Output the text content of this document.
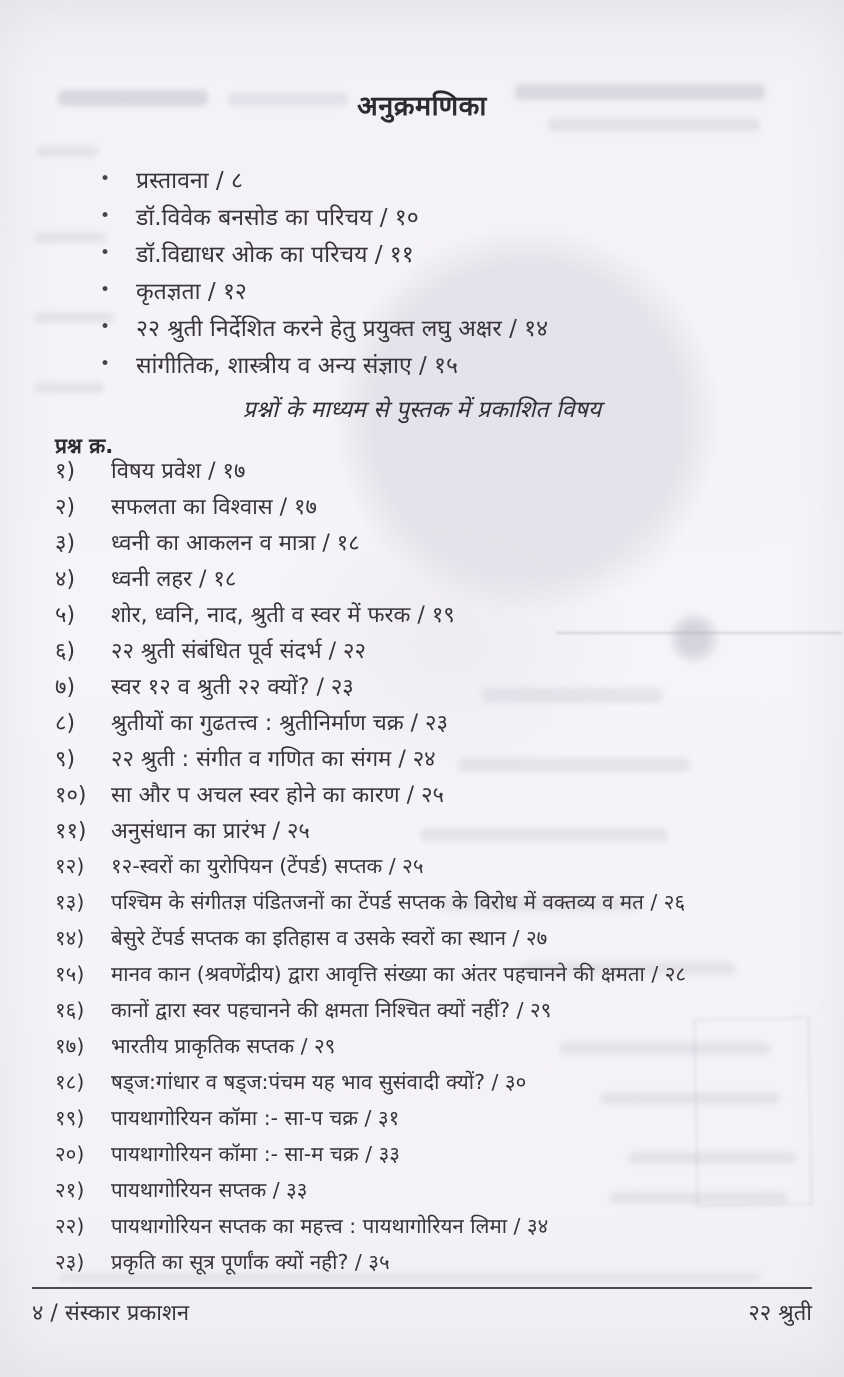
अनुक्रमणिका
•	प्रस्तावना / ८
•	डॉ.विवेक बनसोड का परिचय / १०
•	डॉ.विद्याधर ओक का परिचय / ११
•	कृतज्ञता / १२
•	२२ श्रुती निर्देशित करने हेतु प्रयुक्त लघु अक्षर / १४
•	सांगीतिक, शास्त्रीय व अन्य संज्ञाए / १५
प्रश्नों के माध्यम से पुस्तक में प्रकाशित विषय
प्रश्न क्र.
१)	विषय प्रवेश / १७
२)	सफलता का विश्वास / १७
३)	ध्वनी का आकलन व मात्रा / १८
४)	ध्वनी लहर / १८
५)	शोर, ध्वनि, नाद, श्रुती व स्वर में फरक / १९
६)	२२ श्रुती संबंधित पूर्व संदर्भ / २२
७)	स्वर १२ व श्रुती २२ क्यों? / २३
८)	श्रुतीयों का गुढतत्त्व : श्रुतीनिर्माण चक्र / २३
९)	२२ श्रुती : संगीत व गणित का संगम / २४
१०)	सा और प अचल स्वर होने का कारण / २५
११)	अनुसंधान का प्रारंभ / २५
१२)	१२-स्वरों का युरोपियन (टेंपर्ड) सप्तक / २५
१३)	पश्चिम के संगीतज्ञ पंडितजनों का टेंपर्ड सप्तक के विरोध में वक्तव्य व मत / २६
१४)	बेसुरे टेंपर्ड सप्तक का इतिहास व उसके स्वरों का स्थान / २७
१५)	मानव कान (श्रवणेंद्रीय) द्वारा आवृत्ति संख्या का अंतर पहचानने की क्षमता / २८
१६)	कानों द्वारा स्वर पहचानने की क्षमता निश्चित क्यों नहीं? / २९
१७)	भारतीय प्राकृतिक सप्तक / २९
१८)	षड्ज:गांधार व षड्ज:पंचम यह भाव सुसंवादी क्यों? / ३०
१९)	पायथागोरियन कॉमा :- सा-प चक्र / ३१
२०)	पायथागोरियन कॉमा :- सा-म चक्र / ३३
२१)	पायथागोरियन सप्तक / ३३
२२)	पायथागोरियन सप्तक का महत्त्व : पायथागोरियन लिमा / ३४
२३)	प्रकृति का सूत्र पूर्णांक क्यों नही? / ३५
४ / संस्कार प्रकाशन	२२ श्रुती
